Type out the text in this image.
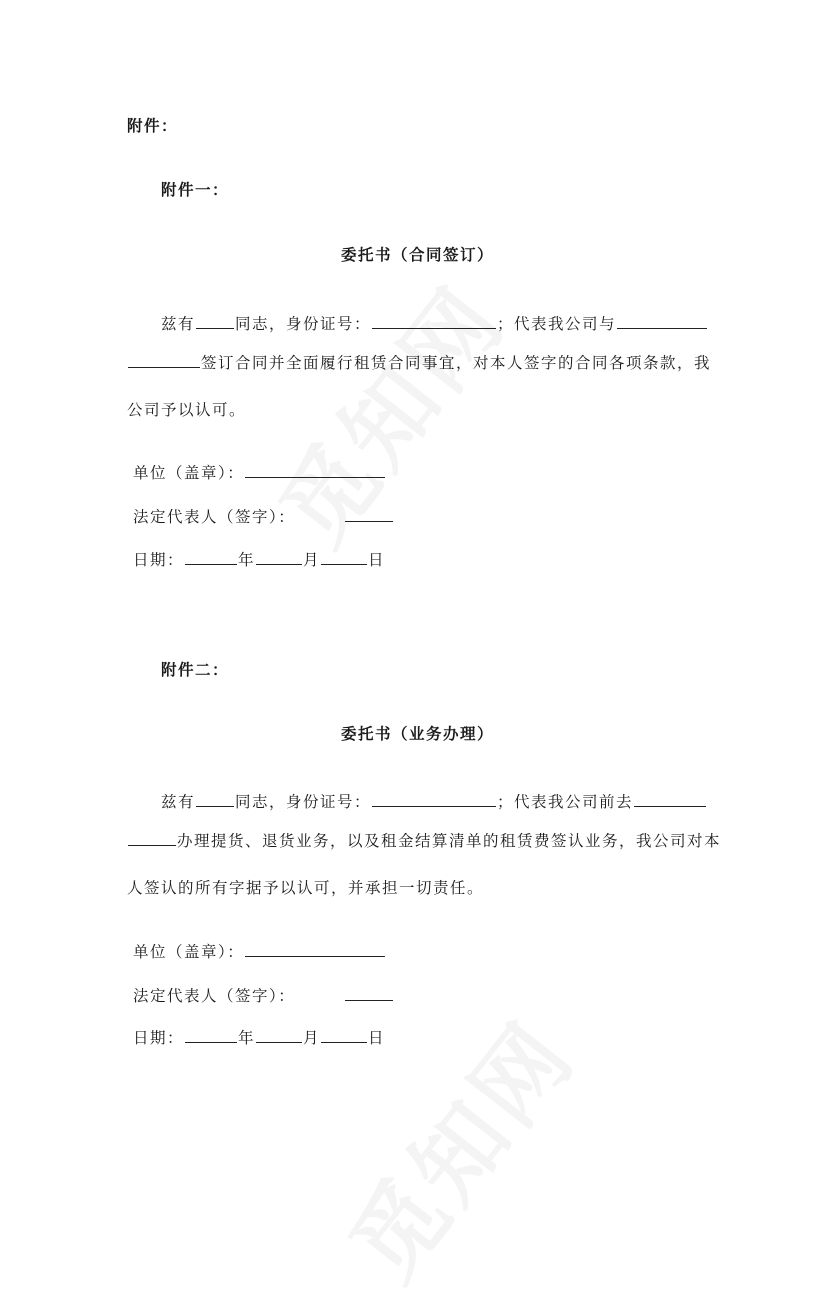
附件：
附件一：
委托书（合同签订）
兹有	同志，身份证号：	；代表我公司与
签订合同并全面履行租赁合同事宜，对本人签字的合同各项条款，我
公司予以认可。
单位（盖章）：
法定代表人（签字）：
日期：	年	月	日
附件二：
委托书（业务办理）
兹有	同志，身份证号：	；代表我公司前去
办理提货、退货业务，以及租金结算清单的租赁费签认业务，我公司对本
人签认的所有字据予以认可，并承担一切责任。
单位（盖章）：
法定代表人（签字）：
日期：	年	月	日
